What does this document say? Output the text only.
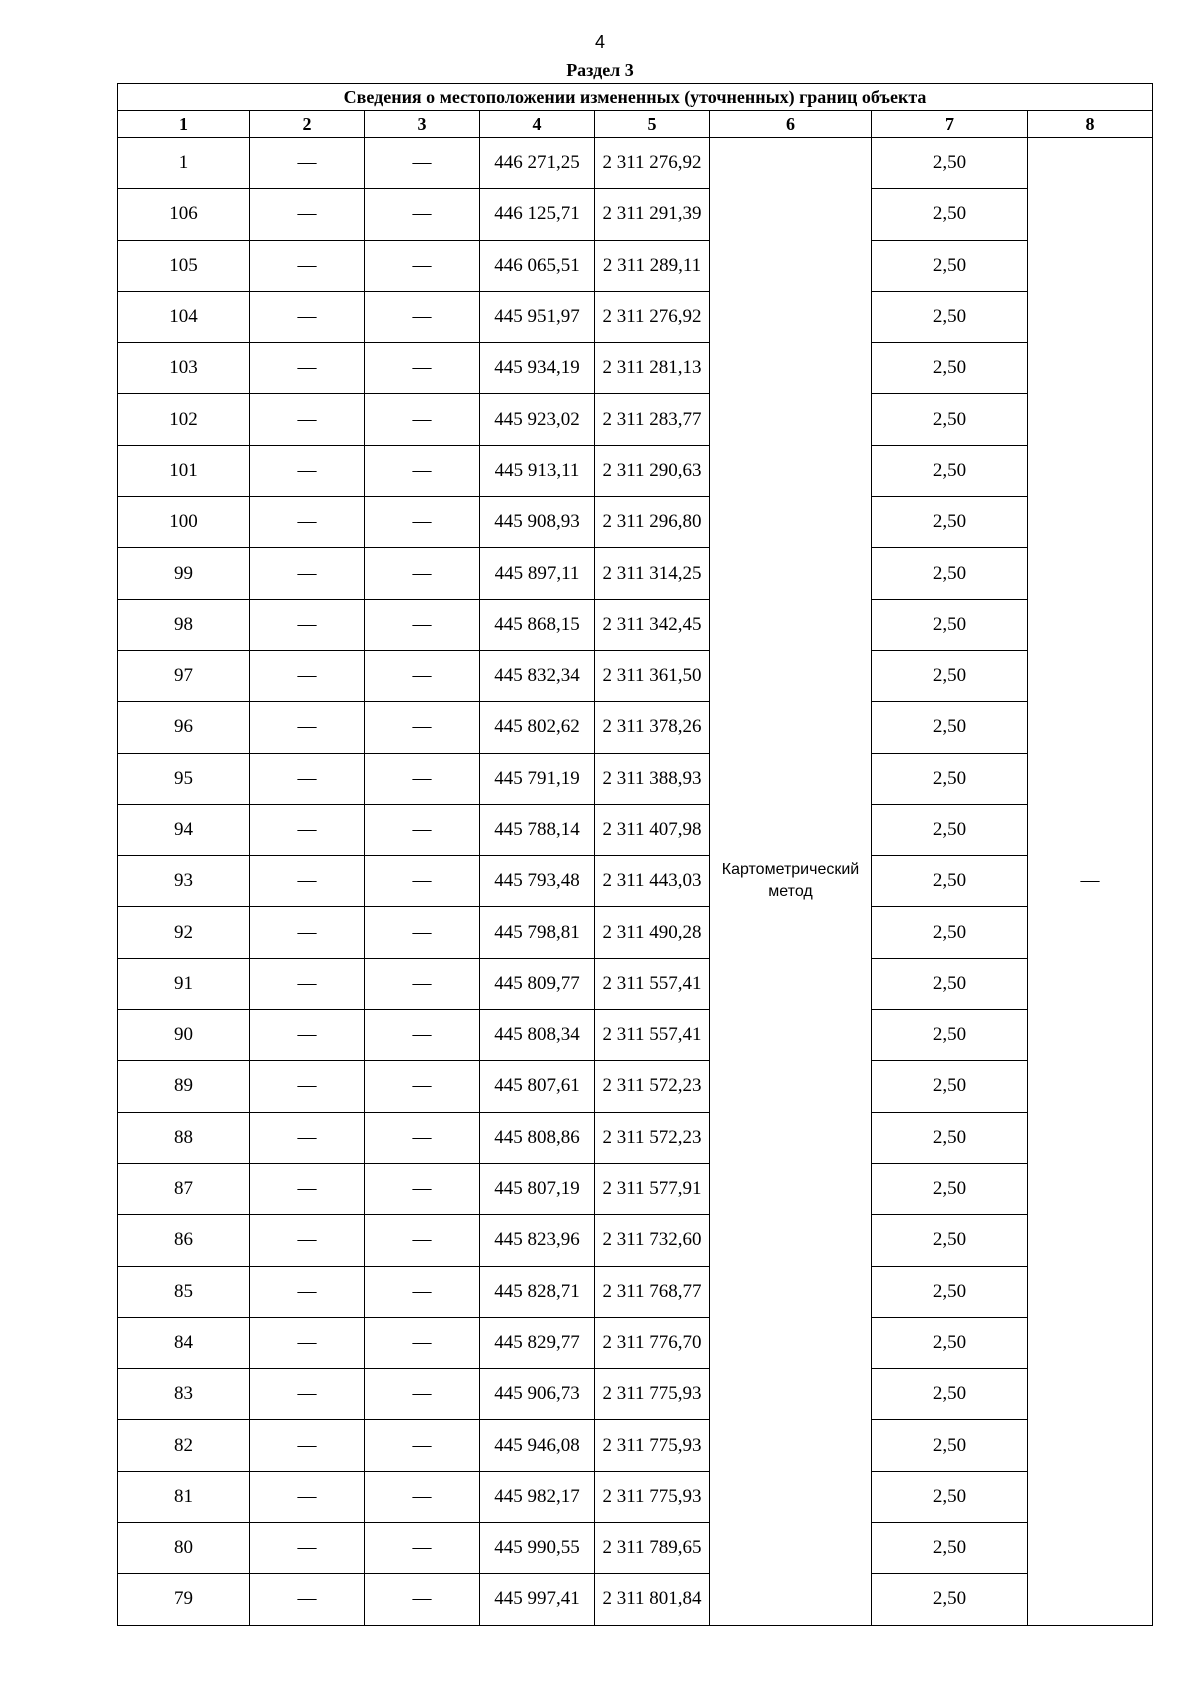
4
Раздел 3
Сведения о местоположении измененных (уточненных) границ объекта							
1	2	3	4	5	6	7	8
1	—	—	446 271,25	2 311 276,92	Картометрический метод	2,50	—
106	—	—	446 125,71	2 311 291,39		2,50	
105	—	—	446 065,51	2 311 289,11		2,50	
104	—	—	445 951,97	2 311 276,92		2,50	
103	—	—	445 934,19	2 311 281,13		2,50	
102	—	—	445 923,02	2 311 283,77		2,50	
101	—	—	445 913,11	2 311 290,63		2,50	
100	—	—	445 908,93	2 311 296,80		2,50	
99	—	—	445 897,11	2 311 314,25		2,50	
98	—	—	445 868,15	2 311 342,45		2,50	
97	—	—	445 832,34	2 311 361,50		2,50	
96	—	—	445 802,62	2 311 378,26		2,50	
95	—	—	445 791,19	2 311 388,93		2,50	
94	—	—	445 788,14	2 311 407,98		2,50	
93	—	—	445 793,48	2 311 443,03		2,50	
92	—	—	445 798,81	2 311 490,28		2,50	
91	—	—	445 809,77	2 311 557,41		2,50	
90	—	—	445 808,34	2 311 557,41		2,50	
89	—	—	445 807,61	2 311 572,23		2,50	
88	—	—	445 808,86	2 311 572,23		2,50	
87	—	—	445 807,19	2 311 577,91		2,50	
86	—	—	445 823,96	2 311 732,60		2,50	
85	—	—	445 828,71	2 311 768,77		2,50	
84	—	—	445 829,77	2 311 776,70		2,50	
83	—	—	445 906,73	2 311 775,93		2,50	
82	—	—	445 946,08	2 311 775,93		2,50	
81	—	—	445 982,17	2 311 775,93		2,50	
80	—	—	445 990,55	2 311 789,65		2,50	
79	—	—	445 997,41	2 311 801,84		2,50	
